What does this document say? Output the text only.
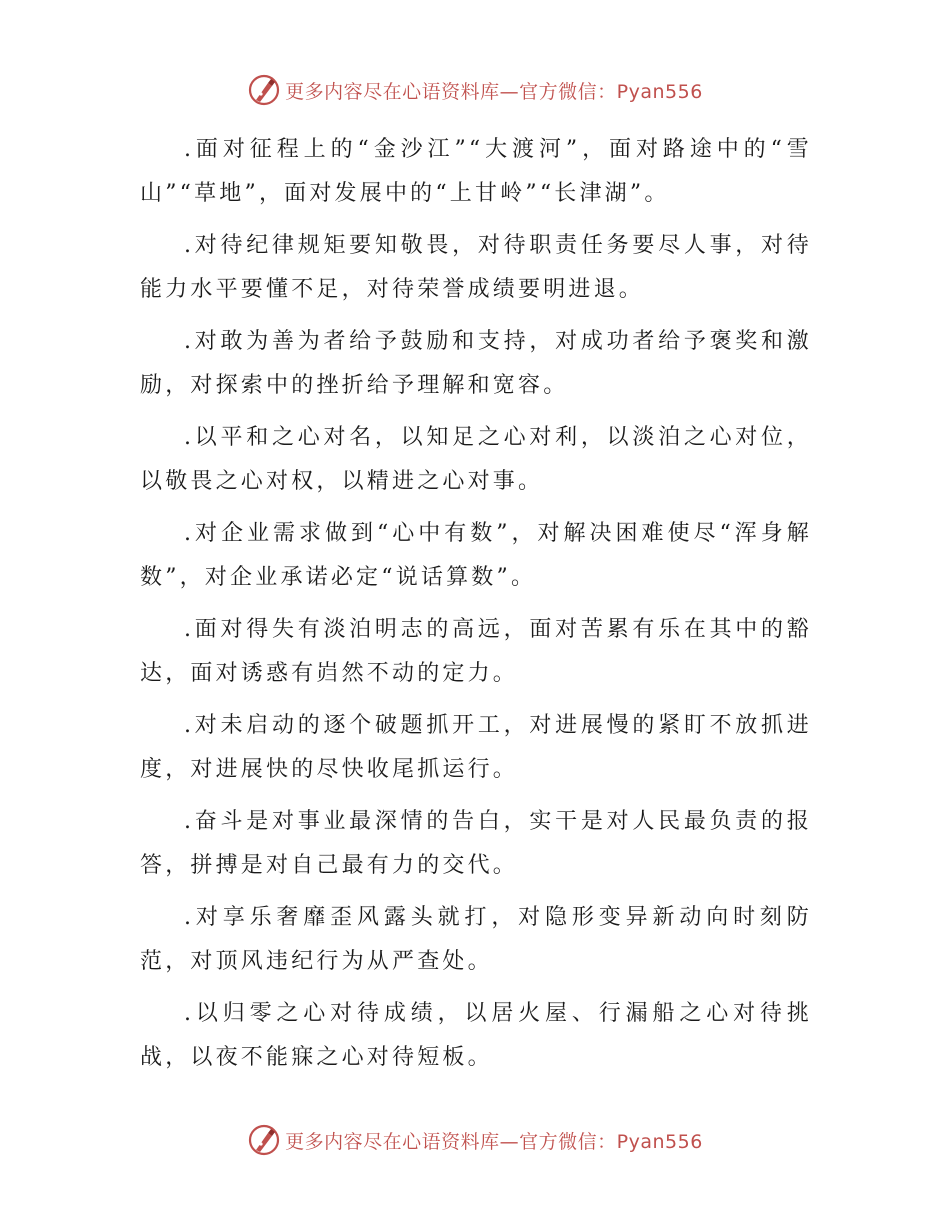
更多内容尽在心语资料库—官方微信：Pyan556

.面对征程上的“金沙江”“大渡河”，面对路途中的“雪山”“草地”，面对发展中的“上甘岭”“长津湖”。

.对待纪律规矩要知敬畏，对待职责任务要尽人事，对待能力水平要懂不足，对待荣誉成绩要明进退。

.对敢为善为者给予鼓励和支持，对成功者给予褒奖和激励，对探索中的挫折给予理解和宽容。

.以平和之心对名，以知足之心对利，以淡泊之心对位，以敬畏之心对权，以精进之心对事。

.对企业需求做到“心中有数”，对解决困难使尽“浑身解数”，对企业承诺必定“说话算数”。

.面对得失有淡泊明志的高远，面对苦累有乐在其中的豁达，面对诱惑有岿然不动的定力。

.对未启动的逐个破题抓开工，对进展慢的紧盯不放抓进度，对进展快的尽快收尾抓运行。

.奋斗是对事业最深情的告白，实干是对人民最负责的报答，拼搏是对自己最有力的交代。

.对享乐奢靡歪风露头就打，对隐形变异新动向时刻防范，对顶风违纪行为从严查处。

.以归零之心对待成绩，以居火屋、行漏船之心对待挑战，以夜不能寐之心对待短板。

更多内容尽在心语资料库—官方微信：Pyan556
